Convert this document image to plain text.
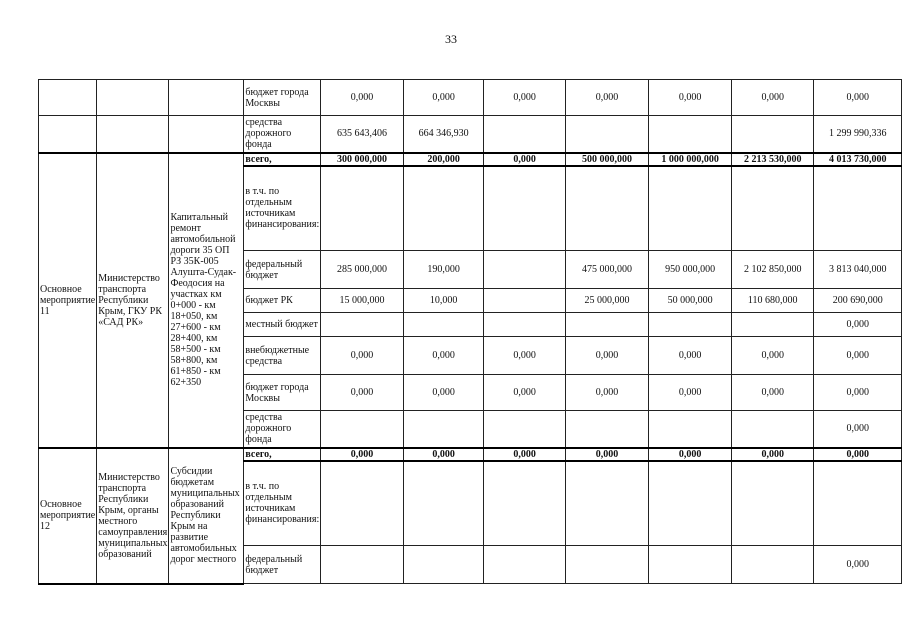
33
			бюджет города Москвы	0,000	0,000	0,000	0,000	0,000	0,000	0,000
			средства дорожного фонда	635 643,406	664 346,930					1 299 990,336
Основное мероприятие 11	Министерство транспорта Республики Крым, ГКУ РК «САД РК»	Капитальный ремонт автомобильной дороги 35 ОП РЗ 35К-005 Алушта-Судак-Феодосия на участках км 0+000 - км 18+050, км 27+600 - км 28+400, км 58+500 - км 58+800, км 61+850 - км 62+350	всего,	300 000,000	200,000	0,000	500 000,000	1 000 000,000	2 213 530,000	4 013 730,000
			в т.ч. по отдельным источникам финансирования:							
			федеральный бюджет	285 000,000	190,000		475 000,000	950 000,000	2 102 850,000	3 813 040,000
			бюджет РК	15 000,000	10,000		25 000,000	50 000,000	110 680,000	200 690,000
			местный бюджет							0,000
			внебюджетные средства	0,000	0,000	0,000	0,000	0,000	0,000	0,000
			бюджет города Москвы	0,000	0,000	0,000	0,000	0,000	0,000	0,000
			средства дорожного фонда							0,000
Основное мероприятие 12	Министерство транспорта Республики Крым, органы местного самоуправления муниципальных образований	Субсидии бюджетам муниципальных образований Республики Крым на развитие автомобильных дорог местного	всего,	0,000	0,000	0,000	0,000	0,000	0,000	0,000
			в т.ч. по отдельным источникам финансирования:							
			федеральный бюджет							0,000
